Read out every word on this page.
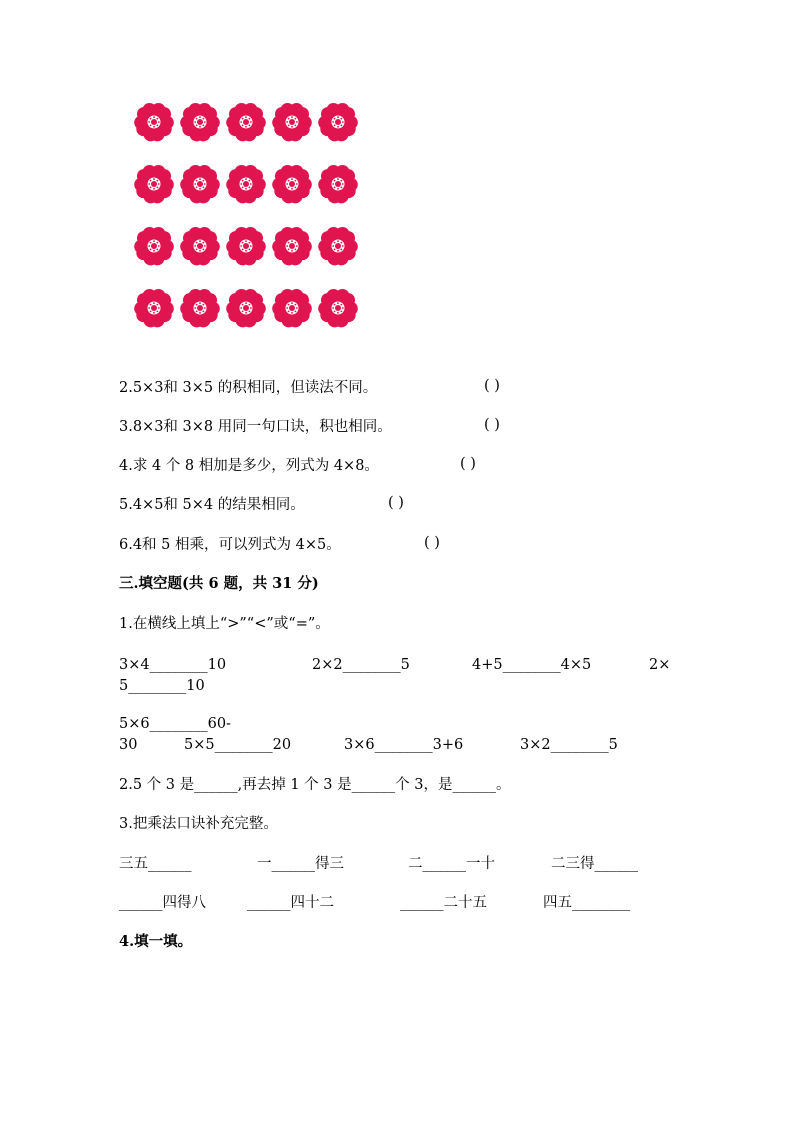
2.5×3和 3×5 的积相同，但读法不同。	( )
3.8×3和 3×8 用同一句口诀，积也相同。	( )
4.求 4 个 8 相加是多少，列式为 4×8。	( )
5.4×5和 5×4 的结果相同。	( )
6.4和 5 相乘，可以列式为 4×5。	( )
三.填空题(共 6 题，共 31 分)
1.在横线上填上“>”“<”或“=”。
3×4________10	2×2________5	4+5________4×5	2×
5________10
5×6________60-
30	5×5________20	3×6________3+6	3×2________5
2.5 个 3 是______,再去掉 1 个 3 是______个 3，是______。
3.把乘法口诀补充完整。
三五______	一______得三	二______一十	二三得______
______四得八	______四十二	______二十五	四五________
4.填一填。
